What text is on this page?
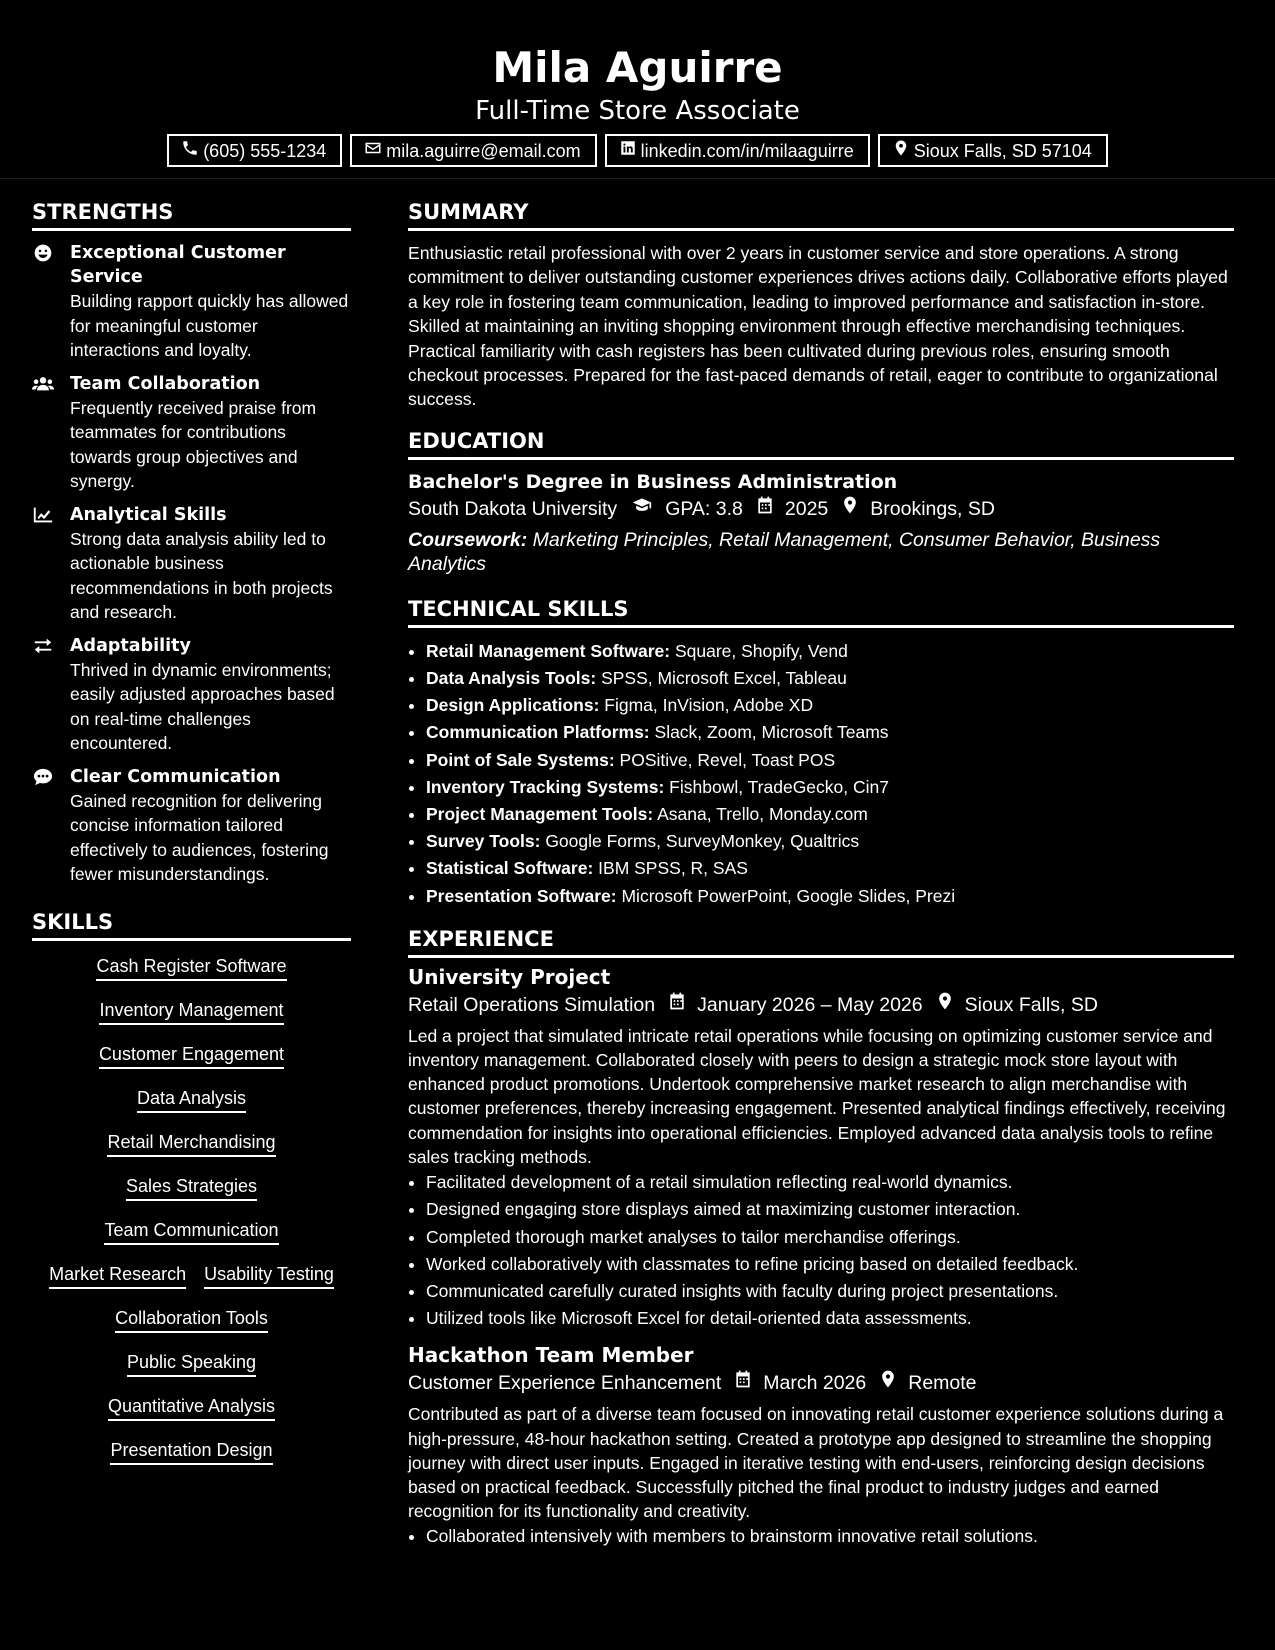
Mila Aguirre
Full-Time Store Associate
(605) 555-1234	mila.aguirre@email.com	linkedin.com/in/milaaguirre	Sioux Falls, SD 57104
STRENGTHS
Exceptional Customer Service
Building rapport quickly has allowed for meaningful customer interactions and loyalty.
Team Collaboration
Frequently received praise from teammates for contributions towards group objectives and synergy.
Analytical Skills
Strong data analysis ability led to actionable business recommendations in both projects and research.
Adaptability
Thrived in dynamic environments; easily adjusted approaches based on real-time challenges encountered.
Clear Communication
Gained recognition for delivering concise information tailored effectively to audiences, fostering fewer misunderstandings.
SKILLS
Cash Register Software
Inventory Management
Customer Engagement
Data Analysis
Retail Merchandising
Sales Strategies
Team Communication
Market Research Usability Testing
Collaboration Tools
Public Speaking
Quantitative Analysis
Presentation Design
SUMMARY

Enthusiastic retail professional with over 2 years in customer service and store operations. A strong commitment to deliver outstanding customer experiences drives actions daily. Collaborative efforts played a key role in fostering team communication, leading to improved performance and satisfaction in-store. Skilled at maintaining an inviting shopping environment through effective merchandising techniques. Practical familiarity with cash registers has been cultivated during previous roles, ensuring smooth checkout processes. Prepared for the fast-paced demands of retail, eager to contribute to organizational success.

EDUCATION
Bachelor's Degree in Business Administration
South Dakota University GPA: 3.8 2025 Brookings, SD
Coursework: Marketing Principles, Retail Management, Consumer Behavior, Business Analytics
TECHNICAL SKILLS
• Retail Management Software: Square, Shopify, Vend
• Data Analysis Tools: SPSS, Microsoft Excel, Tableau
• Design Applications: Figma, InVision, Adobe XD
• Communication Platforms: Slack, Zoom, Microsoft Teams
• Point of Sale Systems: POSitive, Revel, Toast POS
• Inventory Tracking Systems: Fishbowl, TradeGecko, Cin7
• Project Management Tools: Asana, Trello, Monday.com
• Survey Tools: Google Forms, SurveyMonkey, Qualtrics
• Statistical Software: IBM SPSS, R, SAS
• Presentation Software: Microsoft PowerPoint, Google Slides, Prezi
EXPERIENCE
University Project
Retail Operations Simulation January 2026 – May 2026 Sioux Falls, SD
Led a project that simulated intricate retail operations while focusing on optimizing customer service and inventory management. Collaborated closely with peers to design a strategic mock store layout with enhanced product promotions. Undertook comprehensive market research to align merchandise with customer preferences, thereby increasing engagement. Presented analytical findings effectively, receiving commendation for insights into operational efficiencies. Employed advanced data analysis tools to refine sales tracking methods.
• Facilitated development of a retail simulation reflecting real-world dynamics.
• Designed engaging store displays aimed at maximizing customer interaction.
• Completed thorough market analyses to tailor merchandise offerings.
• Worked collaboratively with classmates to refine pricing based on detailed feedback.
• Communicated carefully curated insights with faculty during project presentations.
• Utilized tools like Microsoft Excel for detail-oriented data assessments.
Hackathon Team Member
Customer Experience Enhancement March 2026 Remote
Contributed as part of a diverse team focused on innovating retail customer experience solutions during a high-pressure, 48-hour hackathon setting. Created a prototype app designed to streamline the shopping journey with direct user inputs. Engaged in iterative testing with end-users, reinforcing design decisions based on practical feedback. Successfully pitched the final product to industry judges and earned recognition for its functionality and creativity.
• Collaborated intensively with members to brainstorm innovative retail solutions.
